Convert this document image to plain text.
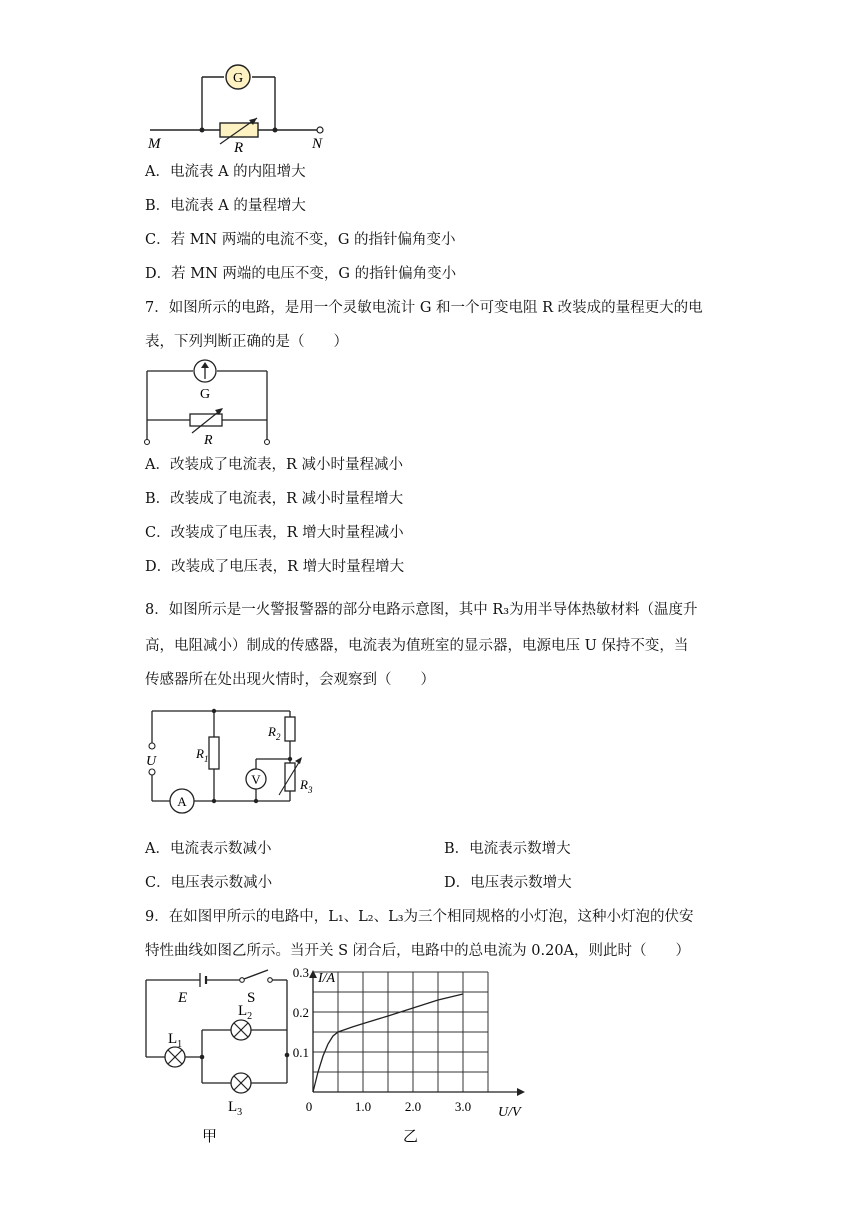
G
M	R	N
A．电流表 A 的内阻增大
B．电流表 A 的量程增大
C．若 MN 两端的电流不变，G 的指针偏角变小
D．若 MN 两端的电压不变，G 的指针偏角变小
7．如图所示的电路，是用一个灵敏电流计 G 和一个可变电阻 R 改装成的量程更大的电
表，下列判断正确的是（　　）
G
R
A．改装成了电流表，R 减小时量程减小
B．改装成了电流表，R 减小时量程增大
C．改装成了电压表，R 增大时量程减小
D．改装成了电压表，R 增大时量程增大
8．如图所示是一火警报警器的部分电路示意图，其中 R₃为用半导体热敏材料（温度升
高，电阻减小）制成的传感器，电流表为值班室的显示器，电源电压 U 保持不变，当
传感器所在处出现火情时，会观察到（　　）
U
A
$R_1$
$R_2$
$R_3$
V
A．电流表示数减小	B．电流表示数增大
C．电压表示数减小	D．电压表示数增大
9．在如图甲所示的电路中，L₁、L₂、L₃为三个相同规格的小灯泡，这种小灯泡的伏安
特性曲线如图乙所示。当开关 S 闭合后，电路中的总电流为 0.20A，则此时（　　）
E	S
$L_1$
$L_2$
$L_3$
甲
I/A
U/V
0	1.0	2.0	3.0
0.1
0.2
0.3
乙
